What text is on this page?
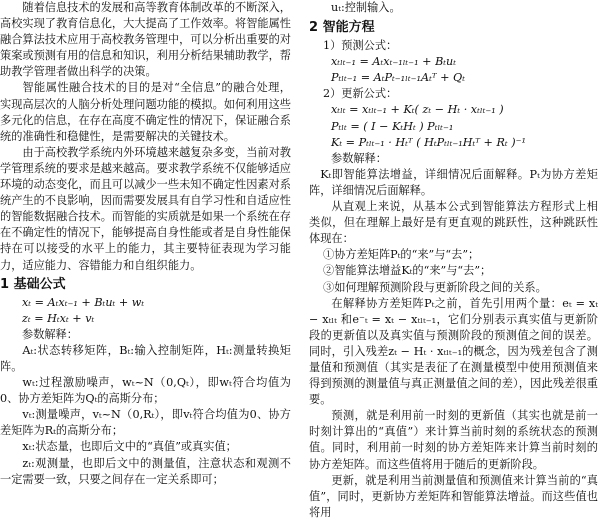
随着信息技术的发展和高等教育体制改革的不断深入，高校实现了教育信息化，大大提高了工作效率。将智能属性融合算法技术应用于高校教务管理中，可以分析出重要的对策案或预测有用的信息和知识，利用分析结果辅助教学，帮助教学管理者做出科学的决策。

智能属性融合技术的目的是对“全信息”的融合处理，实现高层次的人脑分析处理问题功能的模拟。如何利用这些多元化的信息，在存在高度不确定性的情况下，保证融合系统的准确性和稳健性，是需要解决的关键技术。

由于高校教学系统内外环境越来越复杂多变，当前对教学管理系统的要求是越来越高。要求教学系统不仅能够适应环境的动态变化，而且可以减少一些未知不确定性因素对系统产生的不良影响，因而需要发展具有自学习性和自适应性的智能数据融合技术。而智能的实质就是如果一个系统在存在不确定性的情况下，能够提高自身性能或者是自身性能保持在可以接受的水平上的能力，其主要特征表现为学习能力，适应能力、容错能力和自组织能力。

1 基础公式
xₜ = Aₜxₜ₋₁ + Bₜuₜ + wₜ
zₜ = Hₜxₜ + vₜ
参数解释：

Aₜ:状态转移矩阵，Bₜ:输入控制矩阵，Hₜ:测量转换矩阵。

wₜ:过程激励噪声，wₜ~N（0,Qₜ），即wₜ符合均值为0、协方差矩阵为Qₜ的高斯分布；

vₜ:测量噪声，vₜ~N（0,Rₜ），即vₜ符合均值为0、协方差矩阵为Rₜ的高斯分布；

xₜ:状态量，也即后文中的“真值”或真实值；

zₜ:观测量，也即后文中的测量值，注意状态和观测不一定需要一致，只要之间存在一定关系即可；

uₜ:控制输入。
2 智能方程
1）预测公式：
xₜₗₜ₋₁ = Aₜxₜ₋₁ₗₜ₋₁ + Bₜuₜ
Pₜₗₜ₋₁ = AₜPₜ₋₁ₗₜ₋₁Aₜᵀ + Qₜ
2）更新公式：
xₜₗₜ = xₜₗₜ₋₁ + Kₜ( zₜ − Hₜ · xₜₗₜ₋₁ )
Pₜₗₜ = ( I − KₜHₜ ) Pₜₗₜ₋₁
Kₜ = Pₜₗₜ₋₁ · Hₜᵀ ( HₜPₜₗₜ₋₁Hₜᵀ + Rₜ )⁻¹
参数解释：

Kₜ即智能算法增益，详细情况后面解释。Pₜ为协方差矩阵，详细情况后面解释。

从直观上来说，从基本公式到智能算法方程形式上相类似，但在理解上最好是有更直观的跳跃性，这种跳跃性体现在：

①协方差矩阵Pₜ的“来”与“去”；
②智能算法增益Kₜ的“来”与“去”；
③如何理解预测阶段与更新阶段之间的关系。

在解释协方差矩阵Pₜ之前，首先引用两个量：eₜ = xₜ − xₜₗₜ 和e⁻ₜ = xₜ − xₜₗₜ₋₁，它们分别表示真实值与更新阶段的更新值以及真实值与预测阶段的预测值之间的误差。同时，引入残差zₜ − Hₜ · xₜₗₜ₋₁的概念，因为残差包含了测量值和预测值（其实是表征了在测量模型中使用预测值来得到预测的测量值与真正测量值之间的差），因此残差很重要。

预测，就是利用前一时刻的更新值（其实也就是前一时刻计算出的“真值”）来计算当前时刻的系统状态的预测值。同时，利用前一时刻的协方差矩阵来计算当前时刻的协方差矩阵。而这些值将用于随后的更新阶段。

更新，就是利用当前测量值和预测值来计算当前的“真值”，同时，更新协方差矩阵和智能算法增益。而这些值也将用
